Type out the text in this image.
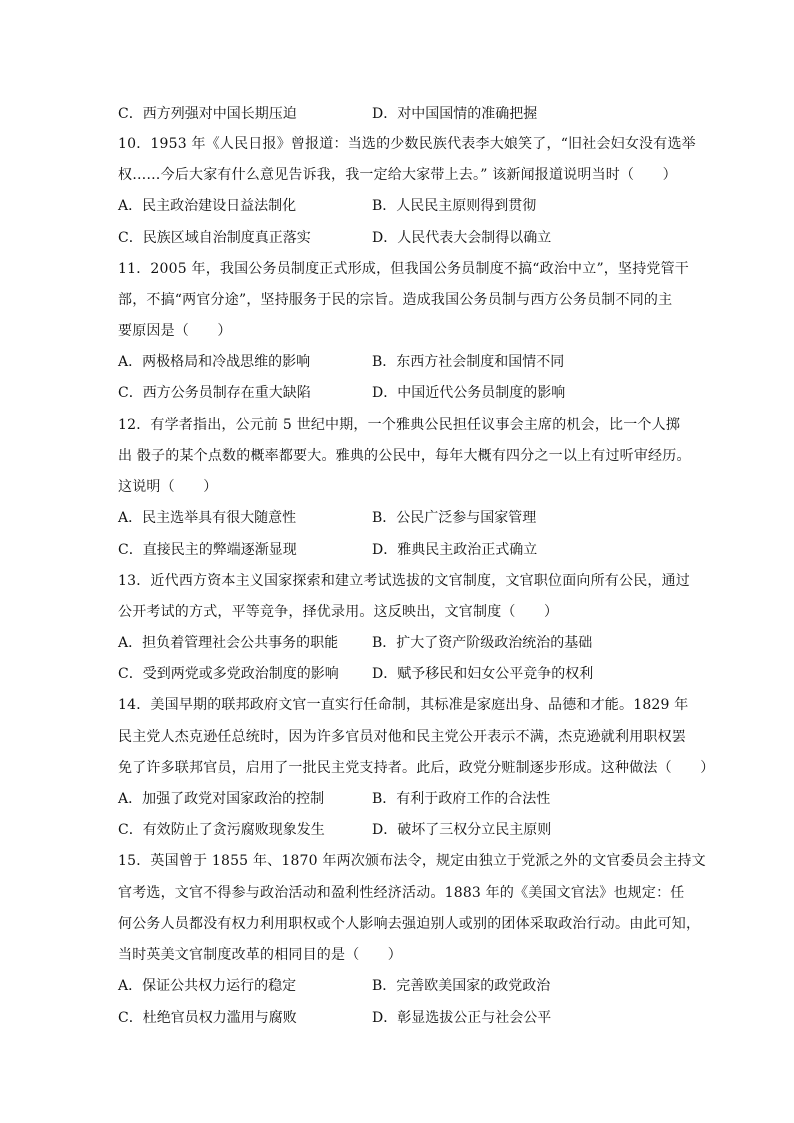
C．西方列强对中国长期压迫	D．对中国国情的准确把握
10．1953 年《人民日报》曾报道：当选的少数民族代表李大娘笑了，“旧社会妇女没有选举
权……今后大家有什么意见告诉我，我一定给大家带上去。” 该新闻报道说明当时（　　）
A．民主政治建设日益法制化	B．人民民主原则得到贯彻
C．民族区域自治制度真正落实	D．人民代表大会制得以确立
11．2005 年，我国公务员制度正式形成，但我国公务员制度不搞“政治中立”，坚持党管干
部，不搞“两官分途”，坚持服务于民的宗旨。造成我国公务员制与西方公务员制不同的主
要原因是（　　）
A．两极格局和冷战思维的影响	B．东西方社会制度和国情不同
C．西方公务员制存在重大缺陷	D．中国近代公务员制度的影响
12．有学者指出，公元前 5 世纪中期，一个雅典公民担任议事会主席的机会，比一个人掷
出 骰子的某个点数的概率都要大。雅典的公民中，每年大概有四分之一以上有过听审经历。
这说明（　　）
A．民主选举具有很大随意性	B．公民广泛参与国家管理
C．直接民主的弊端逐渐显现	D．雅典民主政治正式确立
13．近代西方资本主义国家探索和建立考试选拔的文官制度，文官职位面向所有公民，通过
公开考试的方式，平等竞争，择优录用。这反映出，文官制度（　　）
A．担负着管理社会公共事务的职能 B．扩大了资产阶级政治统治的基础
C．受到两党或多党政治制度的影响 D．赋予移民和妇女公平竞争的权利
14．美国早期的联邦政府文官一直实行任命制，其标准是家庭出身、品德和才能。1829 年
民主党人杰克逊任总统时，因为许多官员对他和民主党公开表示不满，杰克逊就利用职权罢
免了许多联邦官员，启用了一批民主党支持者。此后，政党分赃制逐步形成。这种做法（　　）
A．加强了政党对国家政治的控制	B．有利于政府工作的合法性
C．有效防止了贪污腐败现象发生	D．破坏了三权分立民主原则
15．英国曾于 1855 年、1870 年两次颁布法令，规定由独立于党派之外的文官委员会主持文
官考选，文官不得参与政治活动和盈利性经济活动。1883 年的《美国文官法》也规定：任
何公务人员都没有权力利用职权或个人影响去强迫别人或别的团体采取政治行动。由此可知，
当时英美文官制度改革的相同目的是（　　）
A．保证公共权力运行的稳定	B．完善欧美国家的政党政治
C．杜绝官员权力滥用与腐败	D．彰显选拔公正与社会公平
